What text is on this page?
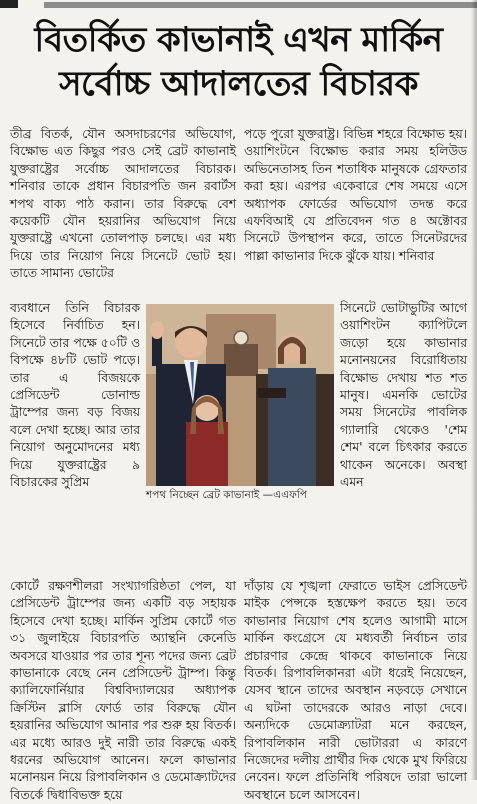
বিতর্কিত কাভানাই এখন মার্কিন
সর্বোচ্চ আদালতের বিচারক

তীব্র বিতর্ক, যৌন অসদাচরণের অভিযোগ, বিক্ষোভ এত কিছুর পরও সেই ব্রেট কাভানাই যুক্তরাষ্ট্রের সর্বোচ্চ আদালতের বিচারক। শনিবার তাকে প্রধান বিচারপতি জন রবার্টস শপথ বাক্য পাঠ করান। তার বিরুদ্ধে বেশ কয়েকটি যৌন হয়রানির অভিযোগ নিয়ে যুক্তরাষ্ট্রে এখনো তোলপাড় চলছে। এর মধ্য দিয়ে তার নিয়োগ নিয়ে সিনেটে ভোট হয়। তাতে সামান্য ভোটের

পড়ে পুরো যুক্তরাষ্ট্র। বিভিন্ন শহরে বিক্ষোভ হয়। ওয়াশিংটনে বিক্ষোভ করার সময় হলিউড অভিনেতাসহ তিন শতাধিক মানুষকে গ্রেফতার করা হয়। এরপর একেবারে শেষ সময়ে এসে অধ্যাপক ফোর্ডের অভিযোগ তদন্ত করে এফবিআই যে প্রতিবেদন গত ৪ অক্টোবর সিনেটে উপস্থাপন করে, তাতে সিনেটরদের পাল্লা কাভানার দিকে ঝুঁকে যায়। শনিবার

ব্যবধানে তিনি বিচারক হিসেবে নির্বাচিত হন। সিনেটে তার পক্ষে ৫০টি ও বিপক্ষে ৪৮টি ভোট পড়ে। তার এ বিজয়কে প্রেসিডেন্ট ডোনাল্ড ট্রাম্পের জন্য বড় বিজয় বলে দেখা হচ্ছে। আর তার নিয়োগ অনুমোদনের মধ্য দিয়ে যুক্তরাষ্ট্রের ৯ বিচারকের সুপ্রিম

সিনেটে ভোটাভুটির আগে ওয়াশিংটন ক্যাপিটলে জড়ো হয়ে কাভানার মনোনয়নের বিরোধিতায় বিক্ষোভ দেখায় শত শত মানুষ। এমনকি ভোটের সময় সিনেটের পাবলিক গ্যালারি থেকেও 'শেম শেম' বলে চিৎকার করতে থাকেন অনেকে। অবস্থা এমন

কোর্টে রক্ষণশীলরা সংখ্যাগরিষ্ঠতা পেল, যা প্রেসিডেন্ট ট্রাম্পের জন্য একটি বড় সহায়ক হিসেবে দেখা হচ্ছে। মার্কিন সুপ্রিম কোর্টে গত ৩১ জুলাইয়ে বিচারপতি অ্যান্থনি কেনেডি অবসরে যাওয়ার পর তার শূন্য পদের জন্য ব্রেট কাভানাকে বেছে নেন প্রেসিডেন্ট ট্রাম্প। কিন্তু ক্যালিফোর্নিয়ার বিশ্ববিদ্যালয়ের অধ্যাপক ক্রিস্টিন ব্লাসি ফোর্ড তার বিরুদ্ধে যৌন হয়রানির অভিযোগ আনার পর শুরু হয় বিতর্ক। এর মধ্যে আরও দুই নারী তার বিরুদ্ধে একই ধরনের অভিযোগ আনেন। ফলে কাভানার মনোনয়ন নিয়ে রিপাবলিকান ও ডেমোক্র্যাটদের বিতর্কে দ্বিধাবিভক্ত হয়ে

দাঁড়ায় যে শৃঙ্খলা ফেরাতে ভাইস প্রেসিডেন্ট মাইক পেন্সকে হস্তক্ষেপ করতে হয়। তবে কাভানার নিয়োগ শেষ হলেও আগামী মাসে মার্কিন কংগ্রেসে যে মধ্যবর্তী নির্বাচন তার প্রচারণার কেন্দ্রে থাকবে কাভানাকে নিয়ে বিতর্ক। রিপাবলিকানরা এটা ধরেই নিয়েছেন, যেসব স্থানে তাদের অবস্থান নড়বড়ে সেখানে এ ঘটনা তাদেরকে আরও নাড়া দেবে। অন্যদিকে ডেমোক্র্যাটরা মনে করছেন, রিপাবলিকান নারী ভোটাররা এ কারণে নিজেদের দলীয় প্রার্থীর দিক থেকে মুখ ফিরিয়ে নেবেন। ফলে প্রতিনিধি পরিষদে তারা ভালো অবস্থানে চলে আসবেন।

শপথ নিচ্ছেন ব্রেট কাভানাই —এএফপি
